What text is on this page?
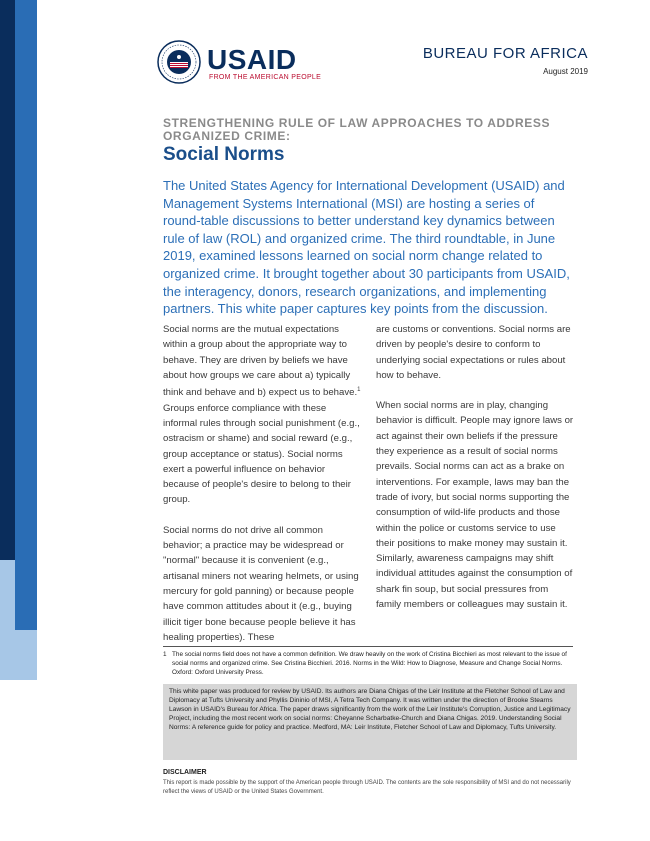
USAID
FROM THE AMERICAN PEOPLE
BUREAU FOR AFRICA
August 2019
STRENGTHENING RULE OF LAW APPROACHES TO ADDRESS ORGANIZED CRIME:
Social Norms
The United States Agency for International Development (USAID) and Management Systems International (MSI) are hosting a series of round-table discussions to better understand key dynamics between rule of law (ROL) and organized crime. The third roundtable, in June 2019, examined lessons learned on social norm change related to organized crime. It brought together about 30 participants from USAID, the interagency, donors, research organizations, and implementing partners. This white paper captures key points from the discussion.

Social norms are the mutual expectations within a group about the appropriate way to behave. They are driven by beliefs we have about how groups we care about a) typically think and behave and b) expect us to behave.$^1$ Groups enforce compliance with these informal rules through social punishment (e.g., ostracism or shame) and social reward (e.g., group acceptance or status). Social norms exert a powerful influence on behavior because of people's desire to belong to their group.

Social norms do not drive all common behavior; a practice may be widespread or "normal" because it is convenient (e.g., artisanal miners not wearing helmets, or using mercury for gold panning) or because people have common attitudes about it (e.g., buying illicit tiger bone because people believe it has healing properties). These

are customs or conventions. Social norms are driven by people's desire to conform to underlying social expectations or rules about how to behave.

When social norms are in play, changing behavior is difficult. People may ignore laws or act against their own beliefs if the pressure they experience as a result of social norms prevails. Social norms can act as a brake on interventions. For example, laws may ban the trade of ivory, but social norms supporting the consumption of wild-life products and those within the police or customs service to use their positions to make money may sustain it. Similarly, awareness campaigns may shift individual attitudes against the consumption of shark fin soup, but social pressures from family members or colleagues may sustain it.

1 The social norms field does not have a common definition. We draw heavily on the work of Cristina Bicchieri as most relevant to the issue of social norms and organized crime. See Cristina Bicchieri. 2016. Norms in the Wild: How to Diagnose, Measure and Change Social Norms. Oxford: Oxford University Press.
This white paper was produced for review by USAID. Its authors are Diana Chigas of the Leir Institute at the Fletcher School of Law and Diplomacy at Tufts University and Phyllis Dininio of MSI, A Tetra Tech Company. It was written under the direction of Brooke Stearns Lawson in USAID's Bureau for Africa. The paper draws significantly from the work of the Leir Institute's Corruption, Justice and Legitimacy Project, including the most recent work on social norms: Cheyanne Scharbatke-Church and Diana Chigas. 2019. Understanding Social Norms: A reference guide for policy and practice. Medford, MA: Leir Institute, Fletcher School of Law and Diplomacy, Tufts University.
DISCLAIMER
This report is made possible by the support of the American people through USAID. The contents are the sole responsibility of MSI and do not necessarily reflect the views of USAID or the United States Government.
